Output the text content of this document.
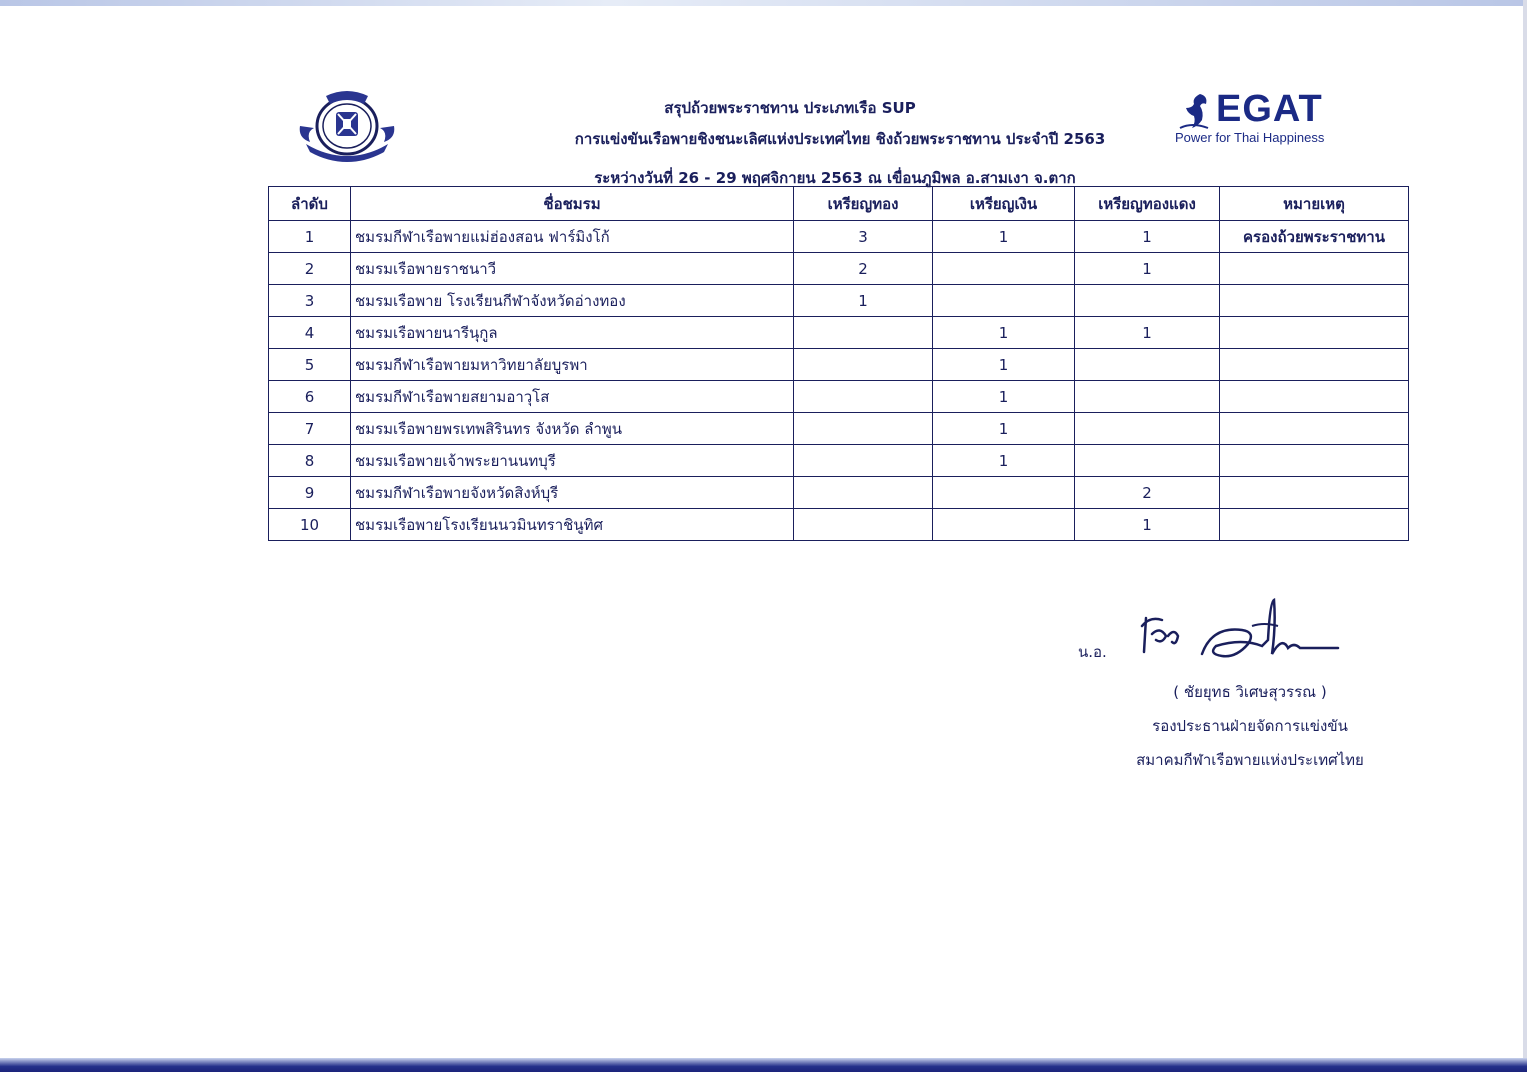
สรุปถ้วยพระราชทาน ประเภทเรือ SUP
การแข่งขันเรือพายชิงชนะเลิศแห่งประเทศไทย ชิงถ้วยพระราชทาน ประจำปี 2563
ระหว่างวันที่ 26 - 29 พฤศจิกายน 2563 ณ เขื่อนภูมิพล อ.สามเงา จ.ตาก
EGAT
Power for Thai Happiness
ลำดับ	ชื่อชมรม	เหรียญทอง	เหรียญเงิน	เหรียญทองแดง	หมายเหตุ
1	ชมรมกีฬาเรือพายแม่ฮ่องสอน ฟาร์มิงโก้	3	1	1	ครองถ้วยพระราชทาน
2	ชมรมเรือพายราชนาวี	2		1	
3	ชมรมเรือพาย โรงเรียนกีฬาจังหวัดอ่างทอง	1			
4	ชมรมเรือพายนารีนุกูล		1	1	
5	ชมรมกีฬาเรือพายมหาวิทยาลัยบูรพา		1		
6	ชมรมกีฬาเรือพายสยามอาวุโส		1		
7	ชมรมเรือพายพรเทพสิรินทร จังหวัด ลำพูน		1		
8	ชมรมเรือพายเจ้าพระยานนทบุรี		1		
9	ชมรมกีฬาเรือพายจังหวัดสิงห์บุรี			2	
10	ชมรมเรือพายโรงเรียนนวมินทราชินูทิศ			1	
น.อ.
( ชัยยุทธ วิเศษสุวรรณ )
รองประธานฝ่ายจัดการแข่งขัน
สมาคมกีฬาเรือพายแห่งประเทศไทย
